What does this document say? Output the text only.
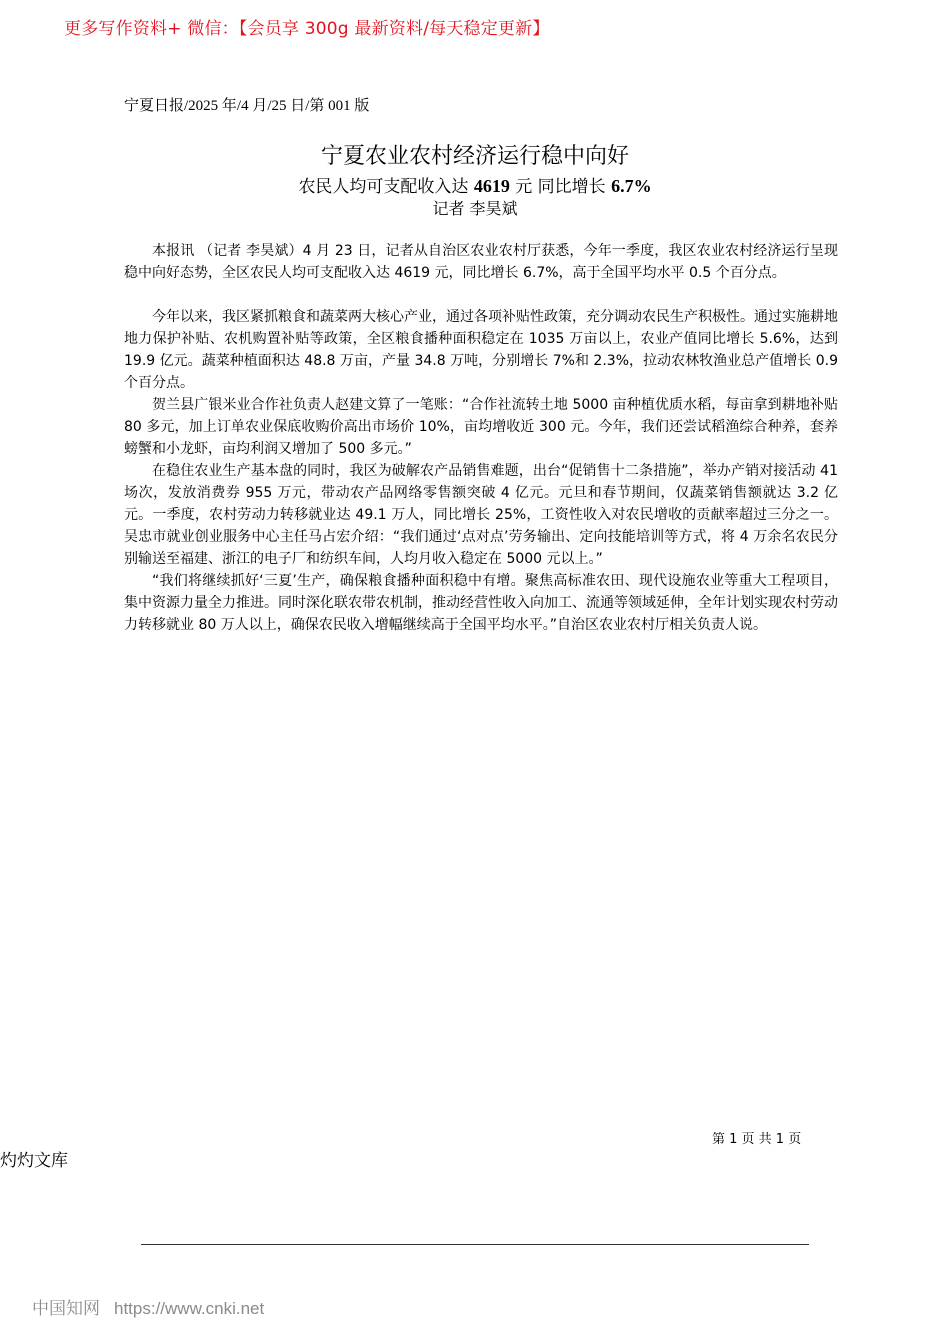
更多写作资料+ 微信：【会员享 300g 最新资料/每天稳定更新】
宁夏日报/2025 年/4 月/25 日/第 001 版
宁夏农业农村经济运行稳中向好
农民人均可支配收入达 4619 元 同比增长 6.7%
记者 李昊斌

本报讯 （记者 李昊斌）4 月 23 日，记者从自治区农业农村厅获悉，今年一季度，我区农业农村经济运行呈现稳中向好态势，全区农民人均可支配收入达 4619 元，同比增长 6.7%，高于全国平均水平 0.5 个百分点。

今年以来，我区紧抓粮食和蔬菜两大核心产业，通过各项补贴性政策，充分调动农民生产积极性。通过实施耕地地力保护补贴、农机购置补贴等政策，全区粮食播种面积稳定在 1035 万亩以上，农业产值同比增长 5.6%，达到 19.9 亿元。蔬菜种植面积达 48.8 万亩，产量 34.8 万吨，分别增长 7%和 2.3%，拉动农林牧渔业总产值增长 0.9 个百分点。

贺兰县广银米业合作社负责人赵建文算了一笔账：“合作社流转土地 5000 亩种植优质水稻，每亩拿到耕地补贴 80 多元，加上订单农业保底收购价高出市场价 10%，亩均增收近 300 元。今年，我们还尝试稻渔综合种养，套养螃蟹和小龙虾，亩均利润又增加了 500 多元。”

在稳住农业生产基本盘的同时，我区为破解农产品销售难题，出台“促销售十二条措施”，举办产销对接活动 41 场次，发放消费券 955 万元，带动农产品网络零售额突破 4 亿元。元旦和春节期间，仅蔬菜销售额就达 3.2 亿元。一季度，农村劳动力转移就业达 49.1 万人，同比增长 25%，工资性收入对农民增收的贡献率超过三分之一。吴忠市就业创业服务中心主任马占宏介绍：“我们通过‘点对点’劳务输出、定向技能培训等方式，将 4 万余名农民分别输送至福建、浙江的电子厂和纺织车间，人均月收入稳定在 5000 元以上。”

“我们将继续抓好‘三夏’生产，确保粮食播种面积稳中有增。聚焦高标准农田、现代设施农业等重大工程项目，集中资源力量全力推进。同时深化联农带农机制，推动经营性收入向加工、流通等领域延伸，全年计划实现农村劳动力转移就业 80 万人以上，确保农民收入增幅继续高于全国平均水平。”自治区农业农村厅相关负责人说。

第 1 页 共 1 页
灼灼文库
中国知网 https://www.cnki.net
